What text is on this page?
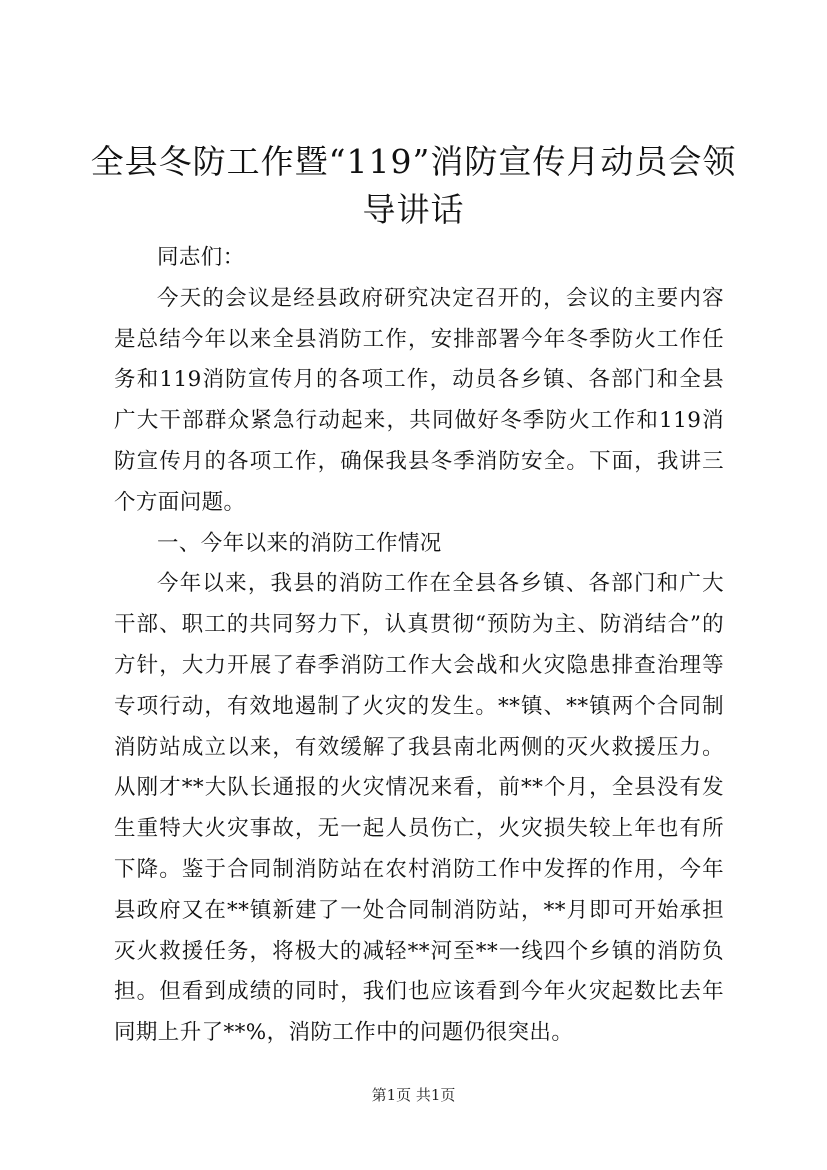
全县冬防工作暨“119”消防宣传月动员会领导讲话

同志们：

今天的会议是经县政府研究决定召开的，会议的主要内容是总结今年以来全县消防工作，安排部署今年冬季防火工作任务和119消防宣传月的各项工作，动员各乡镇、各部门和全县广大干部群众紧急行动起来，共同做好冬季防火工作和119消防宣传月的各项工作，确保我县冬季消防安全。下面，我讲三个方面问题。

一、今年以来的消防工作情况

今年以来，我县的消防工作在全县各乡镇、各部门和广大干部、职工的共同努力下，认真贯彻“预防为主、防消结合”的方针，大力开展了春季消防工作大会战和火灾隐患排查治理等专项行动，有效地遏制了火灾的发生。**镇、**镇两个合同制消防站成立以来，有效缓解了我县南北两侧的灭火救援压力。从刚才**大队长通报的火灾情况来看，前**个月，全县没有发生重特大火灾事故，无一起人员伤亡，火灾损失较上年也有所下降。鉴于合同制消防站在农村消防工作中发挥的作用，今年县政府又在**镇新建了一处合同制消防站，**月即可开始承担灭火救援任务，将极大的减轻**河至**一线四个乡镇的消防负担。但看到成绩的同时，我们也应该看到今年火灾起数比去年同期上升了**%，消防工作中的问题仍很突出。

第1页 共1页
